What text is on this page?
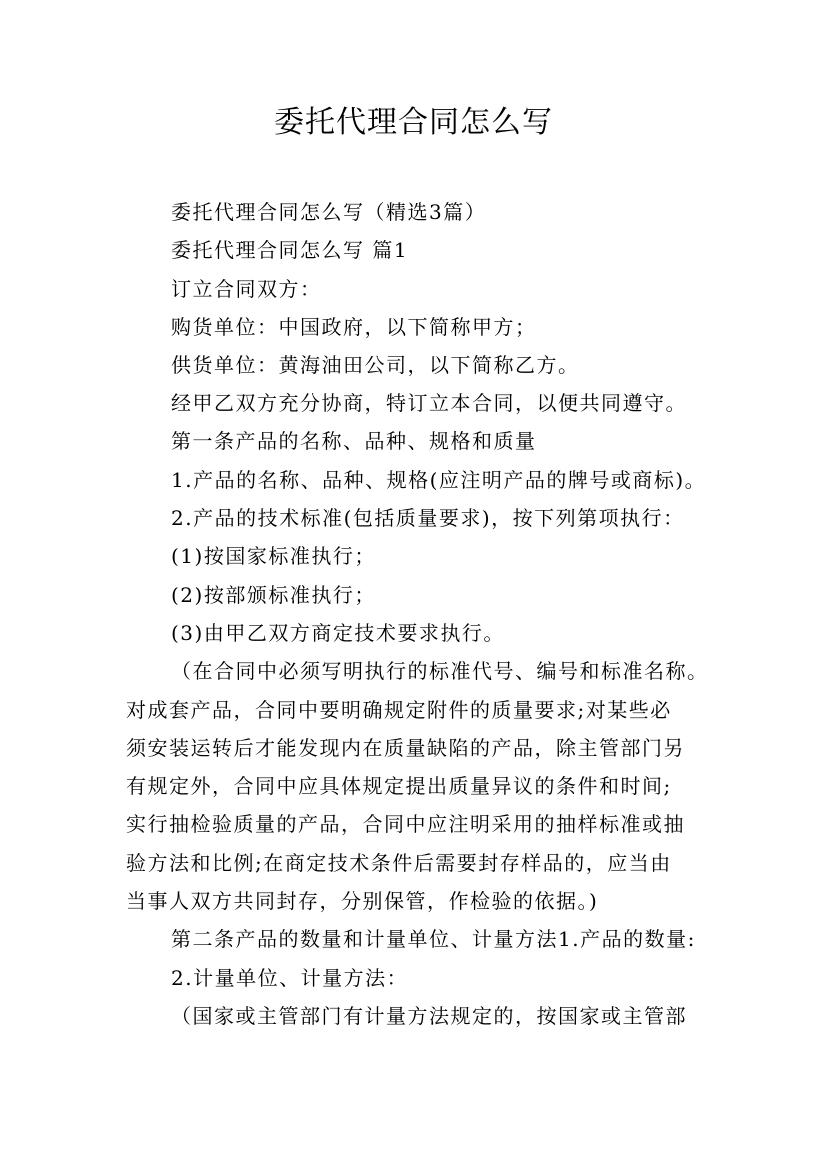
委托代理合同怎么写
委托代理合同怎么写（精选3篇）
委托代理合同怎么写 篇1
订立合同双方：
购货单位：中国政府，以下简称甲方；
供货单位：黄海油田公司，以下简称乙方。
经甲乙双方充分协商，特订立本合同，以便共同遵守。
第一条产品的名称、品种、规格和质量
1.产品的名称、品种、规格(应注明产品的牌号或商标)。
2.产品的技术标准(包括质量要求)，按下列第项执行：
(1)按国家标准执行；
(2)按部颁标准执行；
(3)由甲乙双方商定技术要求执行。
（在合同中必须写明执行的标准代号、编号和标准名称。
对成套产品，合同中要明确规定附件的质量要求;对某些必
须安装运转后才能发现内在质量缺陷的产品，除主管部门另
有规定外，合同中应具体规定提出质量异议的条件和时间;
实行抽检验质量的产品，合同中应注明采用的抽样标准或抽
验方法和比例;在商定技术条件后需要封存样品的，应当由
当事人双方共同封存，分别保管，作检验的依据。)
第二条产品的数量和计量单位、计量方法1.产品的数量:
2.计量单位、计量方法：
（国家或主管部门有计量方法规定的，按国家或主管部
